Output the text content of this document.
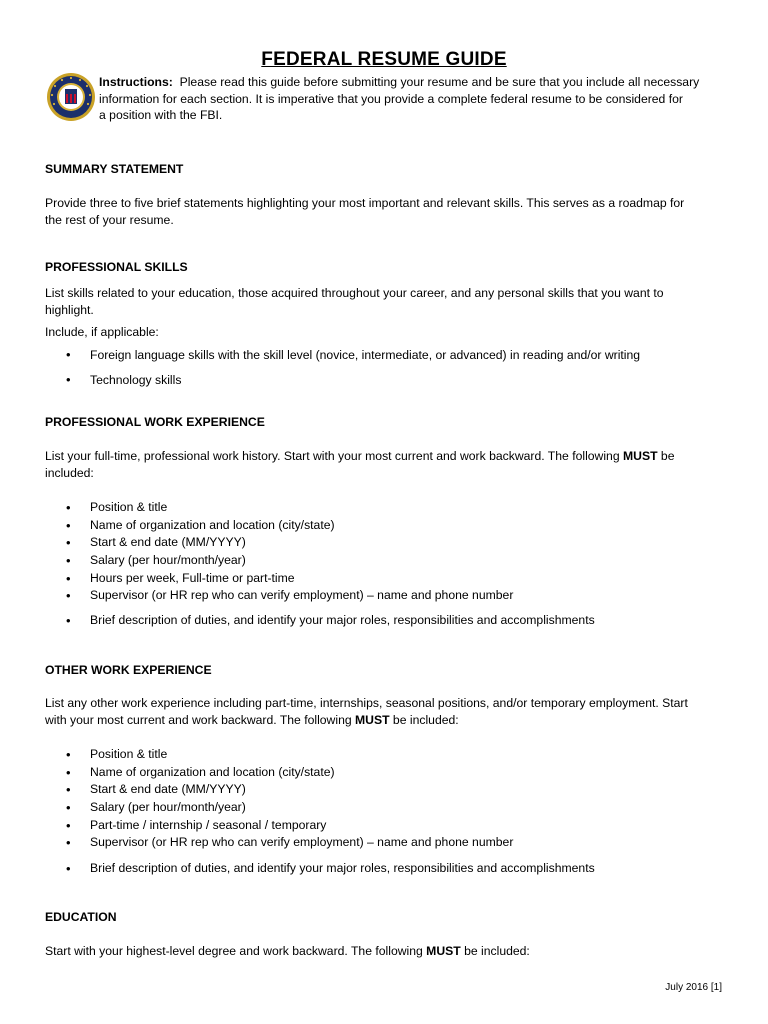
FEDERAL RESUME GUIDE
Instructions: Please read this guide before submitting your resume and be sure that you include all necessary
information for each section. It is imperative that you provide a complete federal resume to be considered for
a position with the FBI.
SUMMARY STATEMENT
Provide three to five brief statements highlighting your most important and relevant skills. This serves as a roadmap for
the rest of your resume.
PROFESSIONAL SKILLS
List skills related to your education, those acquired throughout your career, and any personal skills that you want to
highlight.
Include, if applicable:
• Foreign language skills with the skill level (novice, intermediate, or advanced) in reading and/or writing
• Technology skills
PROFESSIONAL WORK EXPERIENCE
List your full-time, professional work history. Start with your most current and work backward. The following MUST be
included:
• Position & title
• Name of organization and location (city/state)
• Start & end date (MM/YYYY)
• Salary (per hour/month/year)
• Hours per week, Full-time or part-time
• Supervisor (or HR rep who can verify employment) – name and phone number
• Brief description of duties, and identify your major roles, responsibilities and accomplishments
OTHER WORK EXPERIENCE
List any other work experience including part-time, internships, seasonal positions, and/or temporary employment. Start
with your most current and work backward. The following MUST be included:
• Position & title
• Name of organization and location (city/state)
• Start & end date (MM/YYYY)
• Salary (per hour/month/year)
• Part-time / internship / seasonal / temporary
• Supervisor (or HR rep who can verify employment) – name and phone number
• Brief description of duties, and identify your major roles, responsibilities and accomplishments
EDUCATION
Start with your highest-level degree and work backward. The following MUST be included:
July 2016 [1]
